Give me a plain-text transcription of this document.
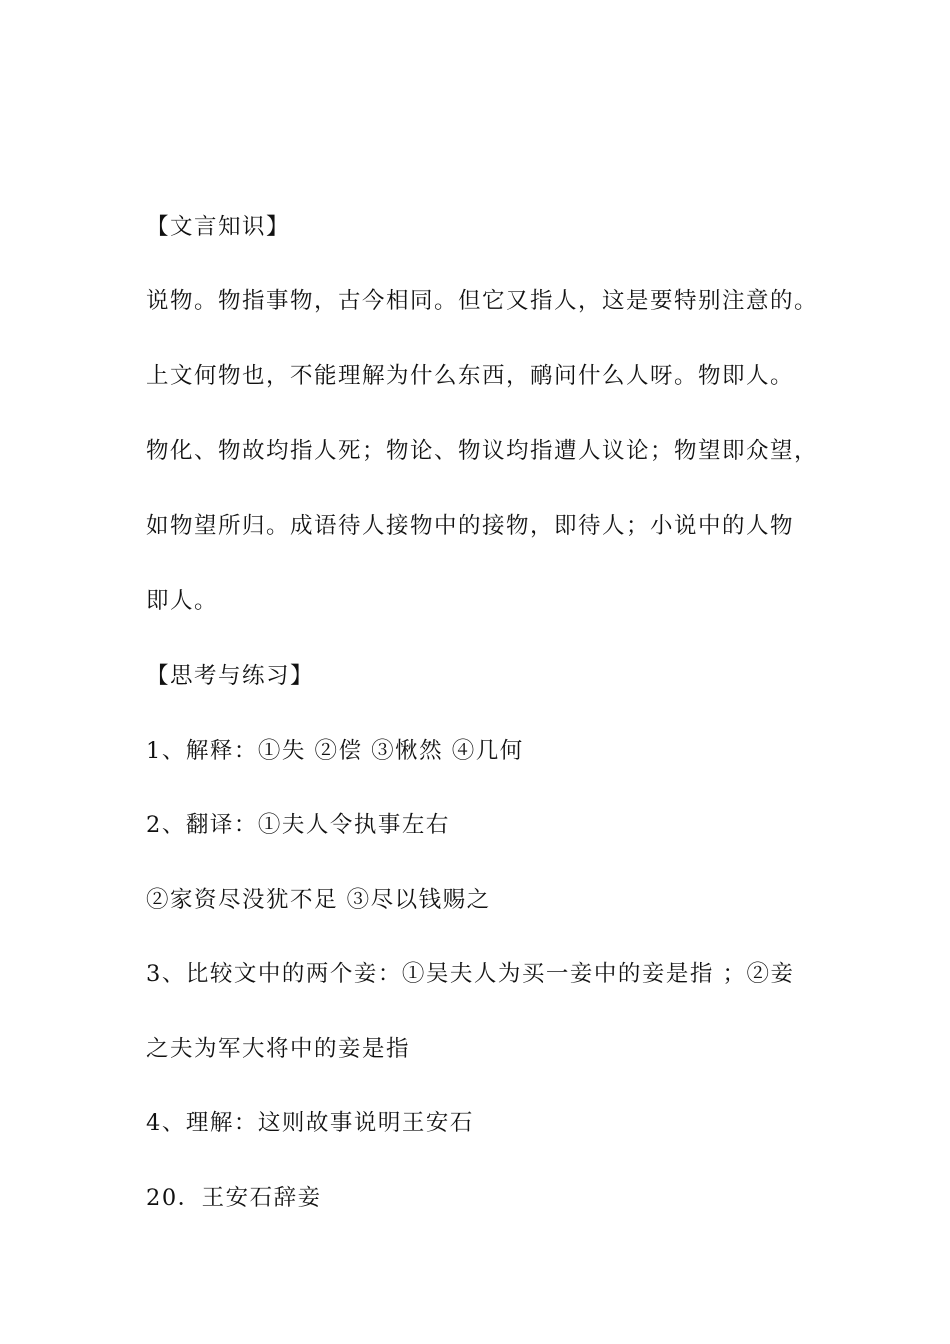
【文言知识】
说物。物指事物，古今相同。但它又指人，这是要特别注意的。
上文何物也，不能理解为什么东西，鸸问什么人呀。物即人。
物化、物故均指人死；物论、物议均指遭人议论；物望即众望，
如物望所归。成语待人接物中的接物，即待人；小说中的人物
即人。
【思考与练习】
1、解释：①失 ②偿 ③愀然 ④几何
2、翻译：①夫人令执事左右
②家资尽没犹不足 ③尽以钱赐之
3、比较文中的两个妾：①吴夫人为买一妾中的妾是指 ；②妾
之夫为军大将中的妾是指
4、理解：这则故事说明王安石
20．王安石辞妾
